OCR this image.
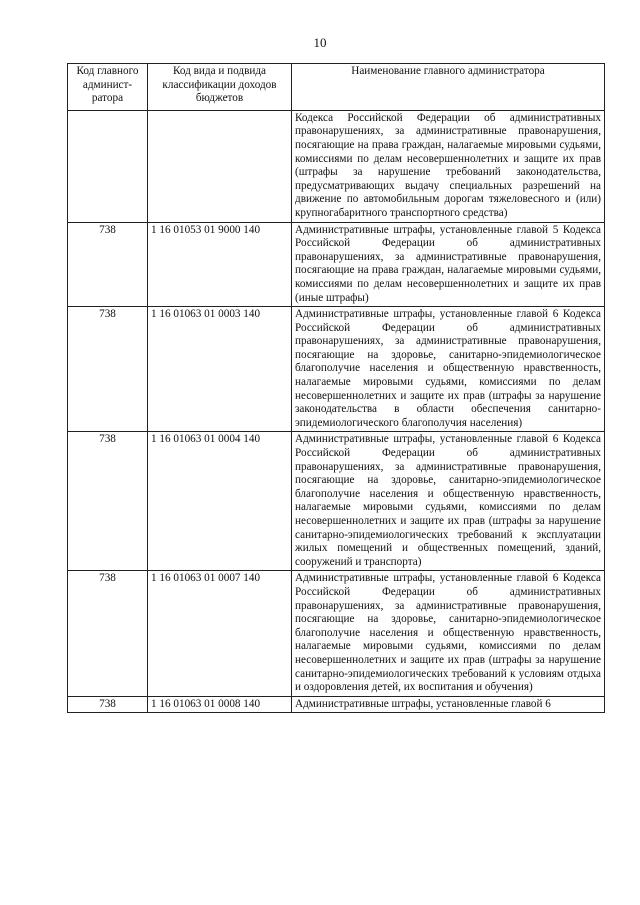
10
Код главного админист-ратора	Код вида и подвида классификации доходов бюджетов	Наименование главного администратора
		Кодекса Российской Федерации об административных правонарушениях, за административные правонарушения, посягающие на права граждан, налагаемые мировыми судьями, комиссиями по делам несовершеннолетних и защите их прав (штрафы за нарушение требований законодательства, предусматривающих выдачу специальных разрешений на движение по автомобильным дорогам тяжеловесного и (или) крупногабаритного транспортного средства)
738	1 16 01053 01 9000 140	Административные штрафы, установленные главой 5 Кодекса Российской Федерации об административных правонарушениях, за административные правонарушения, посягающие на права граждан, налагаемые мировыми судьями, комиссиями по делам несовершеннолетних и защите их прав (иные штрафы)
738	1 16 01063 01 0003 140	Административные штрафы, установленные главой 6 Кодекса Российской Федерации об административных правонарушениях, за административные правонарушения, посягающие на здоровье, санитарно-эпидемиологическое благополучие населения и общественную нравственность, налагаемые мировыми судьями, комиссиями по делам несовершеннолетних и защите их прав (штрафы за нарушение законодательства в области обеспечения санитарно-эпидемиологического благополучия населения)
738	1 16 01063 01 0004 140	Административные штрафы, установленные главой 6 Кодекса Российской Федерации об административных правонарушениях, за административные правонарушения, посягающие на здоровье, санитарно-эпидемиологическое благополучие населения и общественную нравственность, налагаемые мировыми судьями, комиссиями по делам несовершеннолетних и защите их прав (штрафы за нарушение санитарно-эпидемиологических требований к эксплуатации жилых помещений и общественных помещений, зданий, сооружений и транспорта)
738	1 16 01063 01 0007 140	Административные штрафы, установленные главой 6 Кодекса Российской Федерации об административных правонарушениях, за административные правонарушения, посягающие на здоровье, санитарно-эпидемиологическое благополучие населения и общественную нравственность, налагаемые мировыми судьями, комиссиями по делам несовершеннолетних и защите их прав (штрафы за нарушение санитарно-эпидемиологических требований к условиям отдыха и оздоровления детей, их воспитания и обучения)
738	1 16 01063 01 0008 140	Административные штрафы, установленные главой 6
